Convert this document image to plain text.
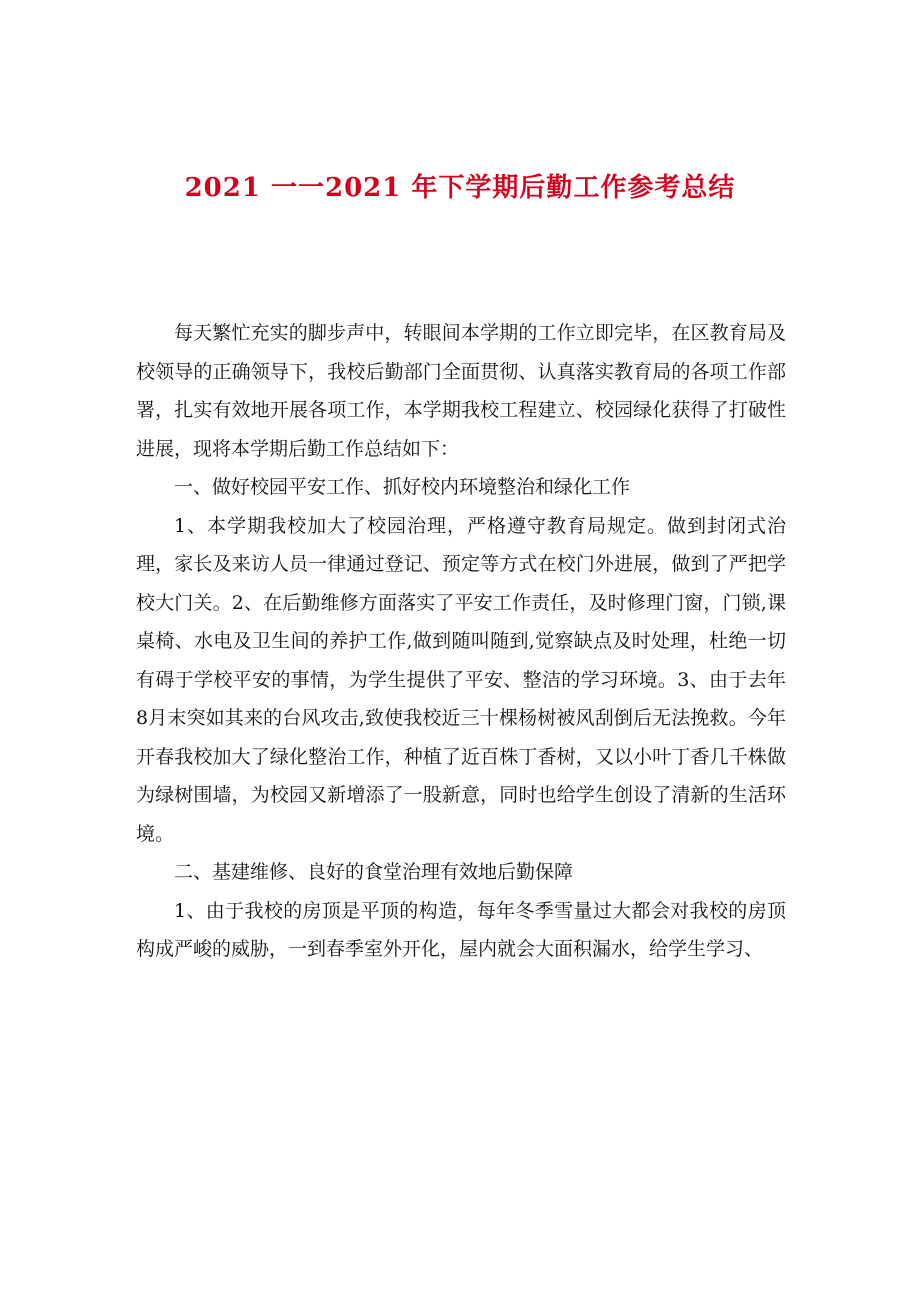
2021 一一2021 年下学期后勤工作参考总结

每天繁忙充实的脚步声中，转眼间本学期的工作立即完毕，在区教育局及校领导的正确领导下，我校后勤部门全面贯彻、认真落实教育局的各项工作部署，扎实有效地开展各项工作，本学期我校工程建立、校园绿化获得了打破性进展，现将本学期后勤工作总结如下：

一、做好校园平安工作、抓好校内环境整治和绿化工作

1、本学期我校加大了校园治理，严格遵守教育局规定。做到封闭式治理，家长及来访人员一律通过登记、预定等方式在校门外进展，做到了严把学校大门关。2、在后勤维修方面落实了平安工作责任，及时修理门窗，门锁,课桌椅、水电及卫生间的养护工作,做到随叫随到,觉察缺点及时处理，杜绝一切有碍于学校平安的事情，为学生提供了平安、整洁的学习环境。3、由于去年8月末突如其来的台风攻击,致使我校近三十棵杨树被风刮倒后无法挽救。今年开春我校加大了绿化整治工作，种植了近百株丁香树，又以小叶丁香几千株做为绿树围墙，为校园又新增添了一股新意，同时也给学生创设了清新的生活环境。

二、基建维修、良好的食堂治理有效地后勤保障

1、由于我校的房顶是平顶的构造，每年冬季雪量过大都会对我校的房顶构成严峻的威胁，一到春季室外开化，屋内就会大面积漏水，给学生学习、
